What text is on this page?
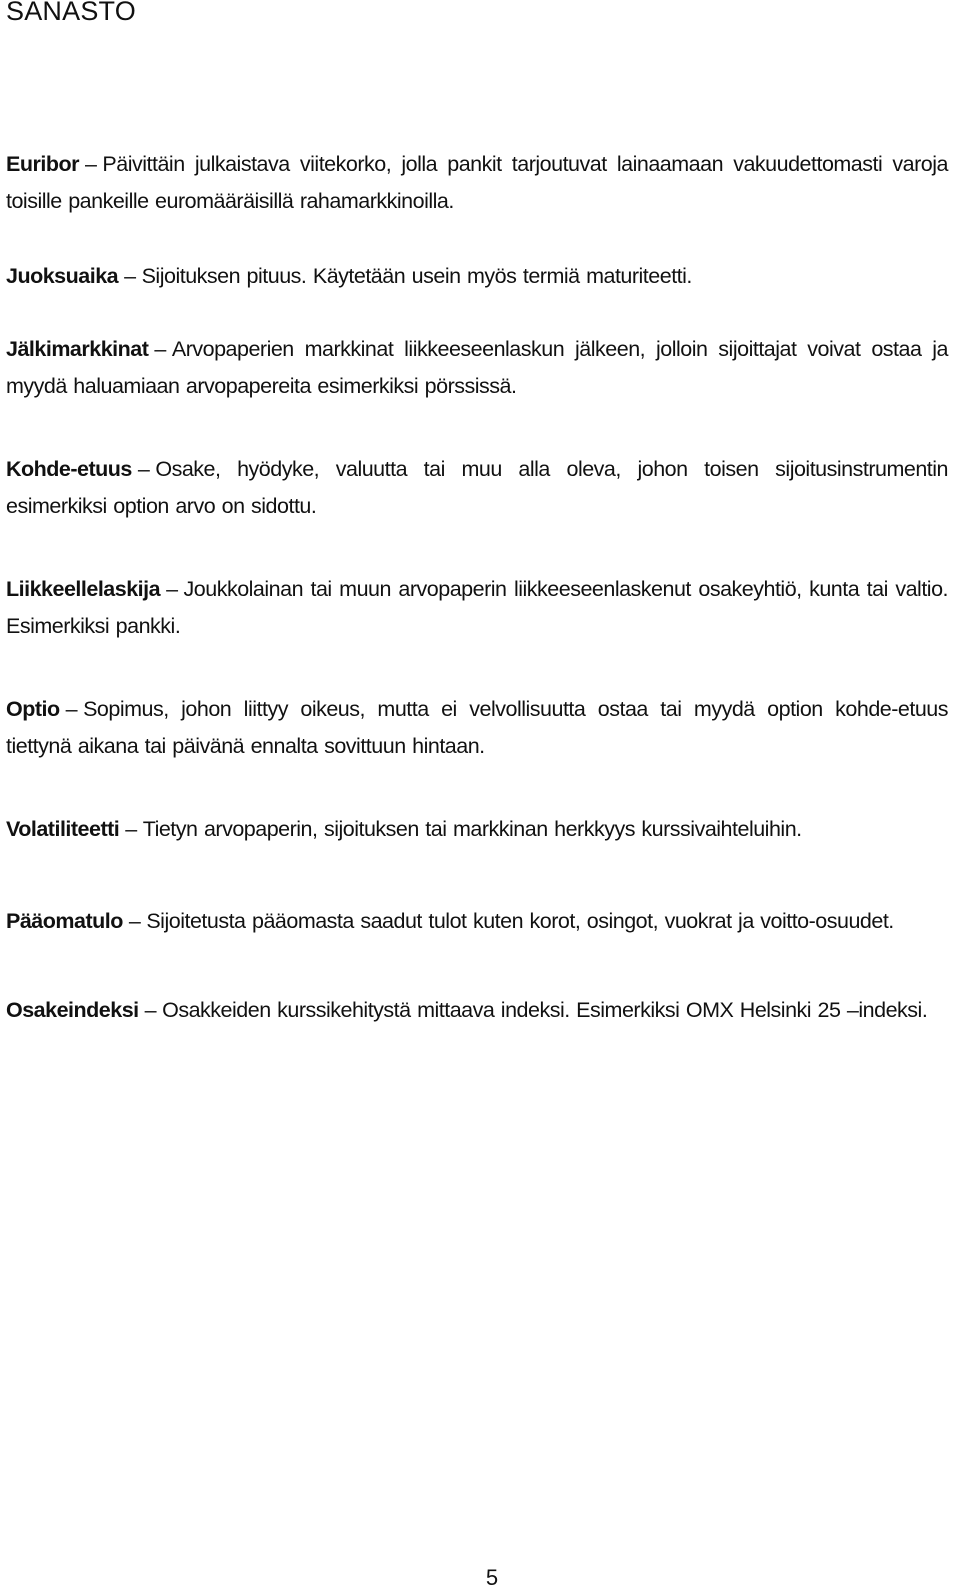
SANASTO

Euribor – Päivittäin julkaistava viitekorko, jolla pankit tarjoutuvat lainaamaan vakuudettomasti varoja toisille pankeille euromääräisillä rahamarkkinoilla.

Juoksuaika – Sijoituksen pituus. Käytetään usein myös termiä maturiteetti.

Jälkimarkkinat – Arvopaperien markkinat liikkeeseenlaskun jälkeen, jolloin sijoittajat voivat ostaa ja myydä haluamiaan arvopapereita esimerkiksi pörssissä.

Kohde-etuus – Osake, hyödyke, valuutta tai muu alla oleva, johon toisen sijoitusinstrumentin esimerkiksi option arvo on sidottu.

Liikkeellelaskija – Joukkolainan tai muun arvopaperin liikkeeseenlaskenut osakeyhtiö, kunta tai valtio. Esimerkiksi pankki.

Optio – Sopimus, johon liittyy oikeus, mutta ei velvollisuutta ostaa tai myydä option kohde-etuus tiettynä aikana tai päivänä ennalta sovittuun hintaan.

Volatiliteetti – Tietyn arvopaperin, sijoituksen tai markkinan herkkyys kurssivaihteluihin.

Pääomatulo – Sijoitetusta pääomasta saadut tulot kuten korot, osingot, vuokrat ja voitto-osuudet.

Osakeindeksi – Osakkeiden kurssikehitystä mittaava indeksi. Esimerkiksi OMX Helsinki 25 –indeksi.

5
